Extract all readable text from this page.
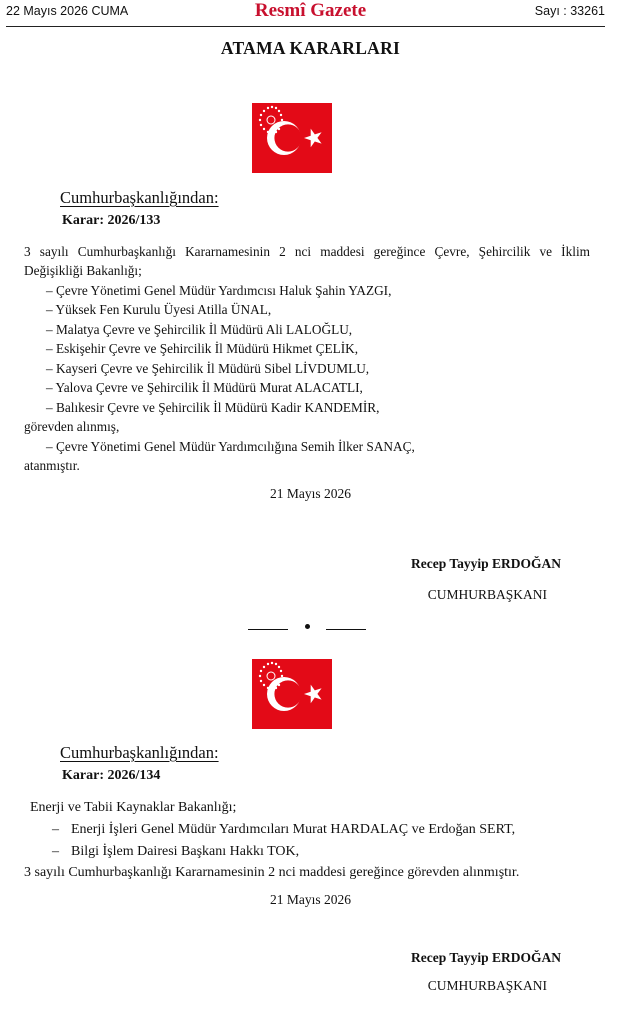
22 Mayıs 2026 CUMA	Resmî Gazete	Sayı : 33261
ATAMA KARARLARI
Cumhurbaşkanlığından:
Karar: 2026/133
3 sayılı Cumhurbaşkanlığı Kararnamesinin 2 nci maddesi gereğince Çevre, Şehircilik ve İklim
Değişikliği Bakanlığı;
– Çevre Yönetimi Genel Müdür Yardımcısı Haluk Şahin YAZGI,
– Yüksek Fen Kurulu Üyesi Atilla ÜNAL,
– Malatya Çevre ve Şehircilik İl Müdürü Ali LALOĞLU,
– Eskişehir Çevre ve Şehircilik İl Müdürü Hikmet ÇELİK,
– Kayseri Çevre ve Şehircilik İl Müdürü Sibel LİVDUMLU,
– Yalova Çevre ve Şehircilik İl Müdürü Murat ALACATLI,
– Balıkesir Çevre ve Şehircilik İl Müdürü Kadir KANDEMİR,
görevden alınmış,
– Çevre Yönetimi Genel Müdür Yardımcılığına Semih İlker SANAÇ,
atanmıştır.
21 Mayıs 2026
Recep Tayyip ERDOĞAN
CUMHURBAŞKANI
Cumhurbaşkanlığından:
Karar: 2026/134
Enerji ve Tabii Kaynaklar Bakanlığı;
– Enerji İşleri Genel Müdür Yardımcıları Murat HARDALAÇ ve Erdoğan SERT,
– Bilgi İşlem Dairesi Başkanı Hakkı TOK,
3 sayılı Cumhurbaşkanlığı Kararnamesinin 2 nci maddesi gereğince görevden alınmıştır.
21 Mayıs 2026
Recep Tayyip ERDOĞAN
CUMHURBAŞKANI
